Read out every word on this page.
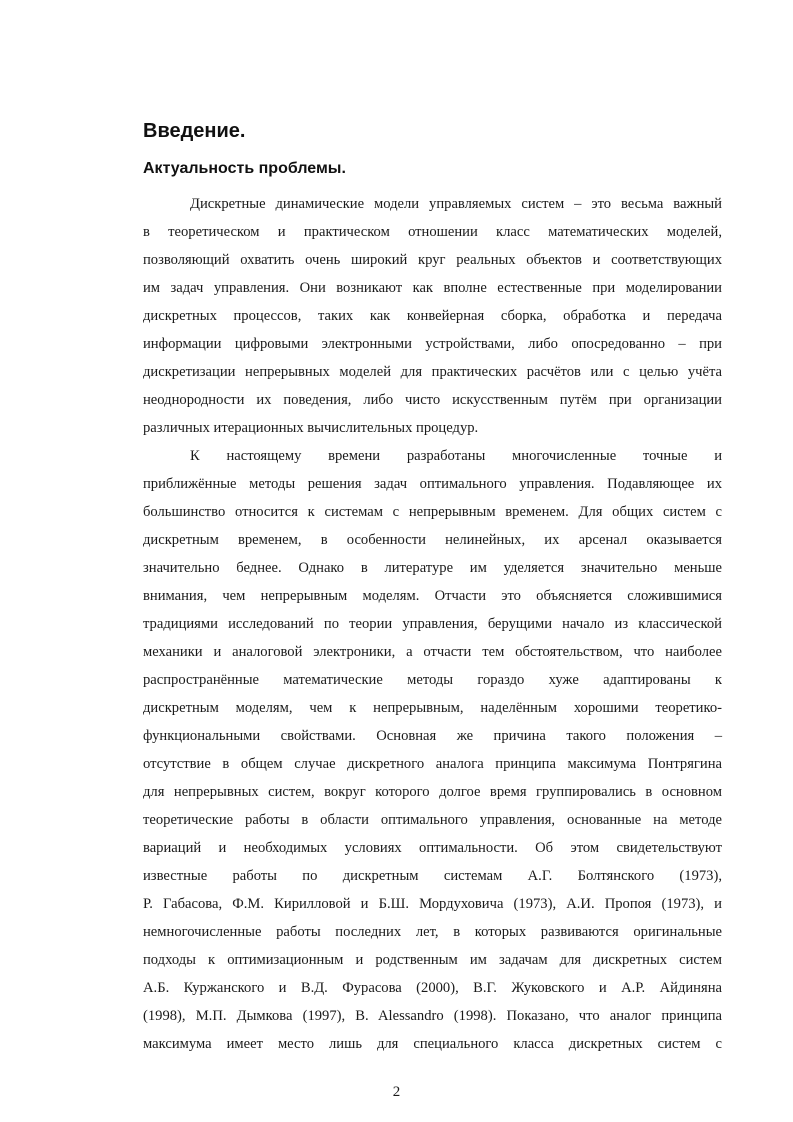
Введение.
Актуальность проблемы.
Дискретные динамические модели управляемых систем – это весьма важный
в теоретическом и практическом отношении класс математических моделей,
позволяющий охватить очень широкий круг реальных объектов и соответствующих
им задач управления. Они возникают как вполне естественные при моделировании
дискретных процессов, таких как конвейерная сборка, обработка и передача
информации цифровыми электронными устройствами, либо опосредованно – при
дискретизации непрерывных моделей для практических расчётов или с целью учёта
неоднородности их поведения, либо чисто искусственным путём при организации
различных итерационных вычислительных процедур.
К настоящему времени разработаны многочисленные точные и
приближённые методы решения задач оптимального управления. Подавляющее их
большинство относится к системам с непрерывным временем. Для общих систем с
дискретным временем, в особенности нелинейных, их арсенал оказывается
значительно беднее. Однако в литературе им уделяется значительно меньше
внимания, чем непрерывным моделям. Отчасти это объясняется сложившимися
традициями исследований по теории управления, берущими начало из классической
механики и аналоговой электроники, а отчасти тем обстоятельством, что наиболее
распространённые математические методы гораздо хуже адаптированы к
дискретным моделям, чем к непрерывным, наделённым хорошими теоретико-
функциональными свойствами. Основная же причина такого положения –
отсутствие в общем случае дискретного аналога принципа максимума Понтрягина
для непрерывных систем, вокруг которого долгое время группировались в основном
теоретические работы в области оптимального управления, основанные на методе
вариаций и необходимых условиях оптимальности. Об этом свидетельствуют
известные работы по дискретным системам А.Г. Болтянского (1973),
Р. Габасова, Ф.М. Кирилловой и Б.Ш. Мордуховича (1973), А.И. Пропоя (1973), и
немногочисленные работы последних лет, в которых развиваются оригинальные
подходы к оптимизационным и родственным им задачам для дискретных систем
А.Б. Куржанского и В.Д. Фурасова (2000), В.Г. Жуковского и А.Р. Айдиняна
(1998), М.П. Дымкова (1997), B. Alessandro (1998). Показано, что аналог принципа
максимума имеет место лишь для специального класса дискретных систем с

2
